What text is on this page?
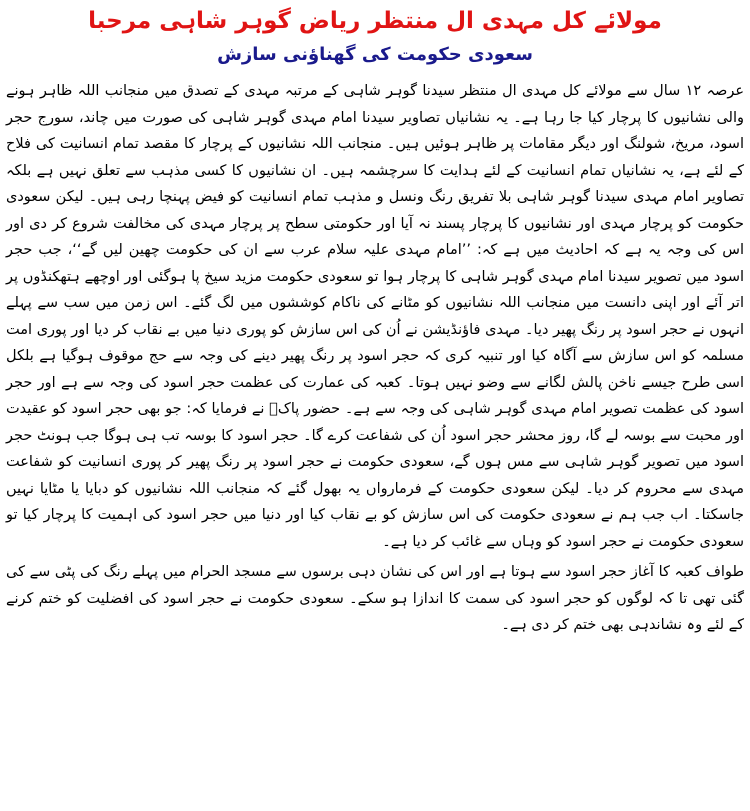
مولائے کل مہدی ال منتظر ریاض گوہر شاہی مرحبا
سعودی حکومت کی گھناؤنی سازش

عرصہ ۱۲ سال سے مولائے کل مہدی ال منتظر سیدنا گوہر شاہی کے مرتبہ مہدی کے تصدق میں منجانب اللہ ظاہر ہونے والی نشانیوں کا پرچار کیا جا رہا ہے۔ یہ نشانیاں تصاویر سیدنا امام مہدی گوہر شاہی کی صورت میں چاند، سورج حجر اسود، مریخ، شولنگ اور دیگر مقامات پر ظاہر ہوئیں ہیں۔ منجانب اللہ نشانیوں کے پرچار کا مقصد تمام انسانیت کی فلاح کے لئے ہے، یہ نشانیاں تمام انسانیت کے لئے ہدایت کا سرچشمہ ہیں۔ ان نشانیوں کا کسی مذہب سے تعلق نہیں ہے بلکہ تصاویر امام مہدی سیدنا گوہر شاہی بلا تفریق رنگ ونسل و مذہب تمام انسانیت کو فیض پہنچا رہی ہیں۔ لیکن سعودی حکومت کو پرچار مہدی اور نشانیوں کا پرچار پسند نہ آیا اور حکومتی سطح پر پرچار مہدی کی مخالفت شروع کر دی اور اس کی وجہ یہ ہے کہ احادیث میں ہے کہ: ’’امام مہدی علیہ سلام عرب سے ان کی حکومت چھین لیں گے‘‘، جب حجر اسود میں تصویر سیدنا امام مہدی گوہر شاہی کا پرچار ہوا تو سعودی حکومت مزید سیخ پا ہوگئی اور اوچھے ہتھکنڈوں پر اتر آئے اور اپنی دانست میں منجانب اللہ نشانیوں کو مٹانے کی ناکام کوششوں میں لگ گئے۔ اس زمن میں سب سے پہلے انہوں نے حجر اسود پر رنگ پھیر دیا۔ مہدی فاؤنڈیشن نے اُن کی اس سازش کو پوری دنیا میں بے نقاب کر دیا اور پوری امت مسلمہ کو اس سازش سے آگاہ کیا اور تنبیہ کری کہ حجر اسود پر رنگ پھیر دینے کی وجہ سے حج موقوف ہوگیا ہے بلکل اسی طرح جیسے ناخن پالش لگانے سے وضو نہیں ہوتا۔ کعبہ کی عمارت کی عظمت حجر اسود کی وجہ سے ہے اور حجر اسود کی عظمت تصویر امام مہدی گوہر شاہی کی وجہ سے ہے۔ حضور پاکؐ نے فرمایا کہ: جو بھی حجر اسود کو عقیدت اور محبت سے بوسہ لے گا، روز محشر حجر اسود اُن کی شفاعت کرے گا۔ حجر اسود کا بوسہ تب ہی ہوگا جب ہونٹ حجر اسود میں تصویر گوہر شاہی سے مس ہوں گے، سعودی حکومت نے حجر اسود پر رنگ پھیر کر پوری انسانیت کو شفاعت مہدی سے محروم کر دیا۔ لیکن سعودی حکومت کے فرمارواں یہ بھول گئے کہ منجانب اللہ نشانیوں کو دبایا یا مٹایا نہیں جاسکتا۔ اب جب ہم نے سعودی حکومت کی اس سازش کو بے نقاب کیا اور دنیا میں حجر اسود کی اہمیت کا پرچار کیا تو سعودی حکومت نے حجر اسود کو وہاں سے غائب کر دیا ہے۔

طواف کعبہ کا آغاز حجر اسود سے ہوتا ہے اور اس کی نشان دہی برسوں سے مسجد الحرام میں پہلے رنگ کی پٹی سے کی گئی تھی تا کہ لوگوں کو حجر اسود کی سمت کا اندازا ہو سکے۔ سعودی حکومت نے حجر اسود کی افضلیت کو ختم کرنے کے لئے وہ نشاندہی بھی ختم کر دی ہے۔
